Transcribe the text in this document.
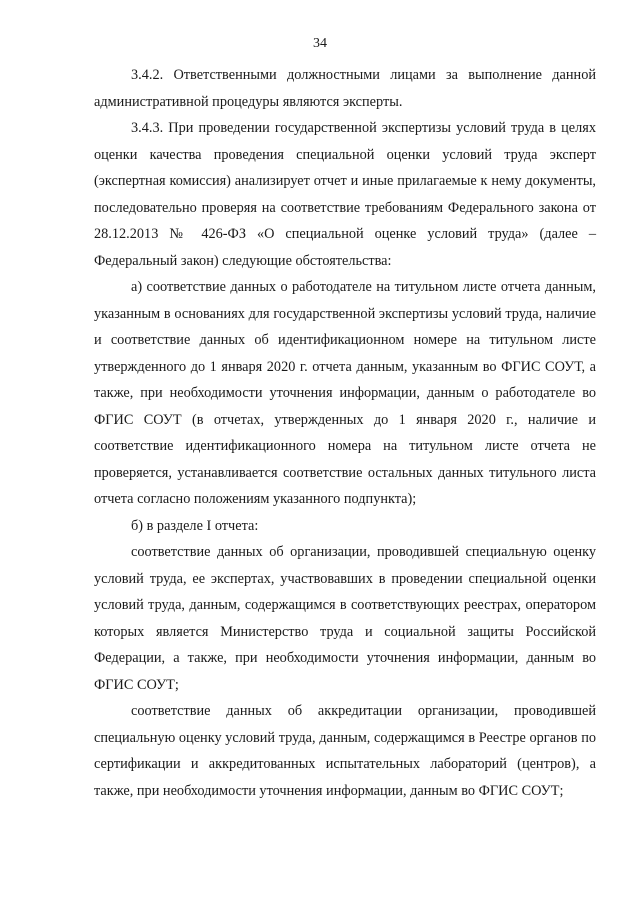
34

3.4.2. Ответственными должностными лицами за выполнение данной административной процедуры являются эксперты.

3.4.3. При проведении государственной экспертизы условий труда в целях оценки качества проведения специальной оценки условий труда эксперт (экспертная комиссия) анализирует отчет и иные прилагаемые к нему документы, последовательно проверяя на соответствие требованиям Федерального закона от 28.12.2013 № 426-ФЗ «О специальной оценке условий труда» (далее – Федеральный закон) следующие обстоятельства:

а) соответствие данных о работодателе на титульном листе отчета данным, указанным в основаниях для государственной экспертизы условий труда, наличие и соответствие данных об идентификационном номере на титульном листе утвержденного до 1 января 2020 г. отчета данным, указанным во ФГИС СОУТ, а также, при необходимости уточнения информации, данным о работодателе во ФГИС СОУТ (в отчетах, утвержденных до 1 января 2020 г., наличие и соответствие идентификационного номера на титульном листе отчета не проверяется, устанавливается соответствие остальных данных титульного листа отчета согласно положениям указанного подпункта);

б) в разделе I отчета:

соответствие данных об организации, проводившей специальную оценку условий труда, ее экспертах, участвовавших в проведении специальной оценки условий труда, данным, содержащимся в соответствующих реестрах, оператором которых является Министерство труда и социальной защиты Российской Федерации, а также, при необходимости уточнения информации, данным во ФГИС СОУТ;

соответствие данных об аккредитации организации, проводившей специальную оценку условий труда, данным, содержащимся в Реестре органов по сертификации и аккредитованных испытательных лабораторий (центров), а также, при необходимости уточнения информации, данным во ФГИС СОУТ;
